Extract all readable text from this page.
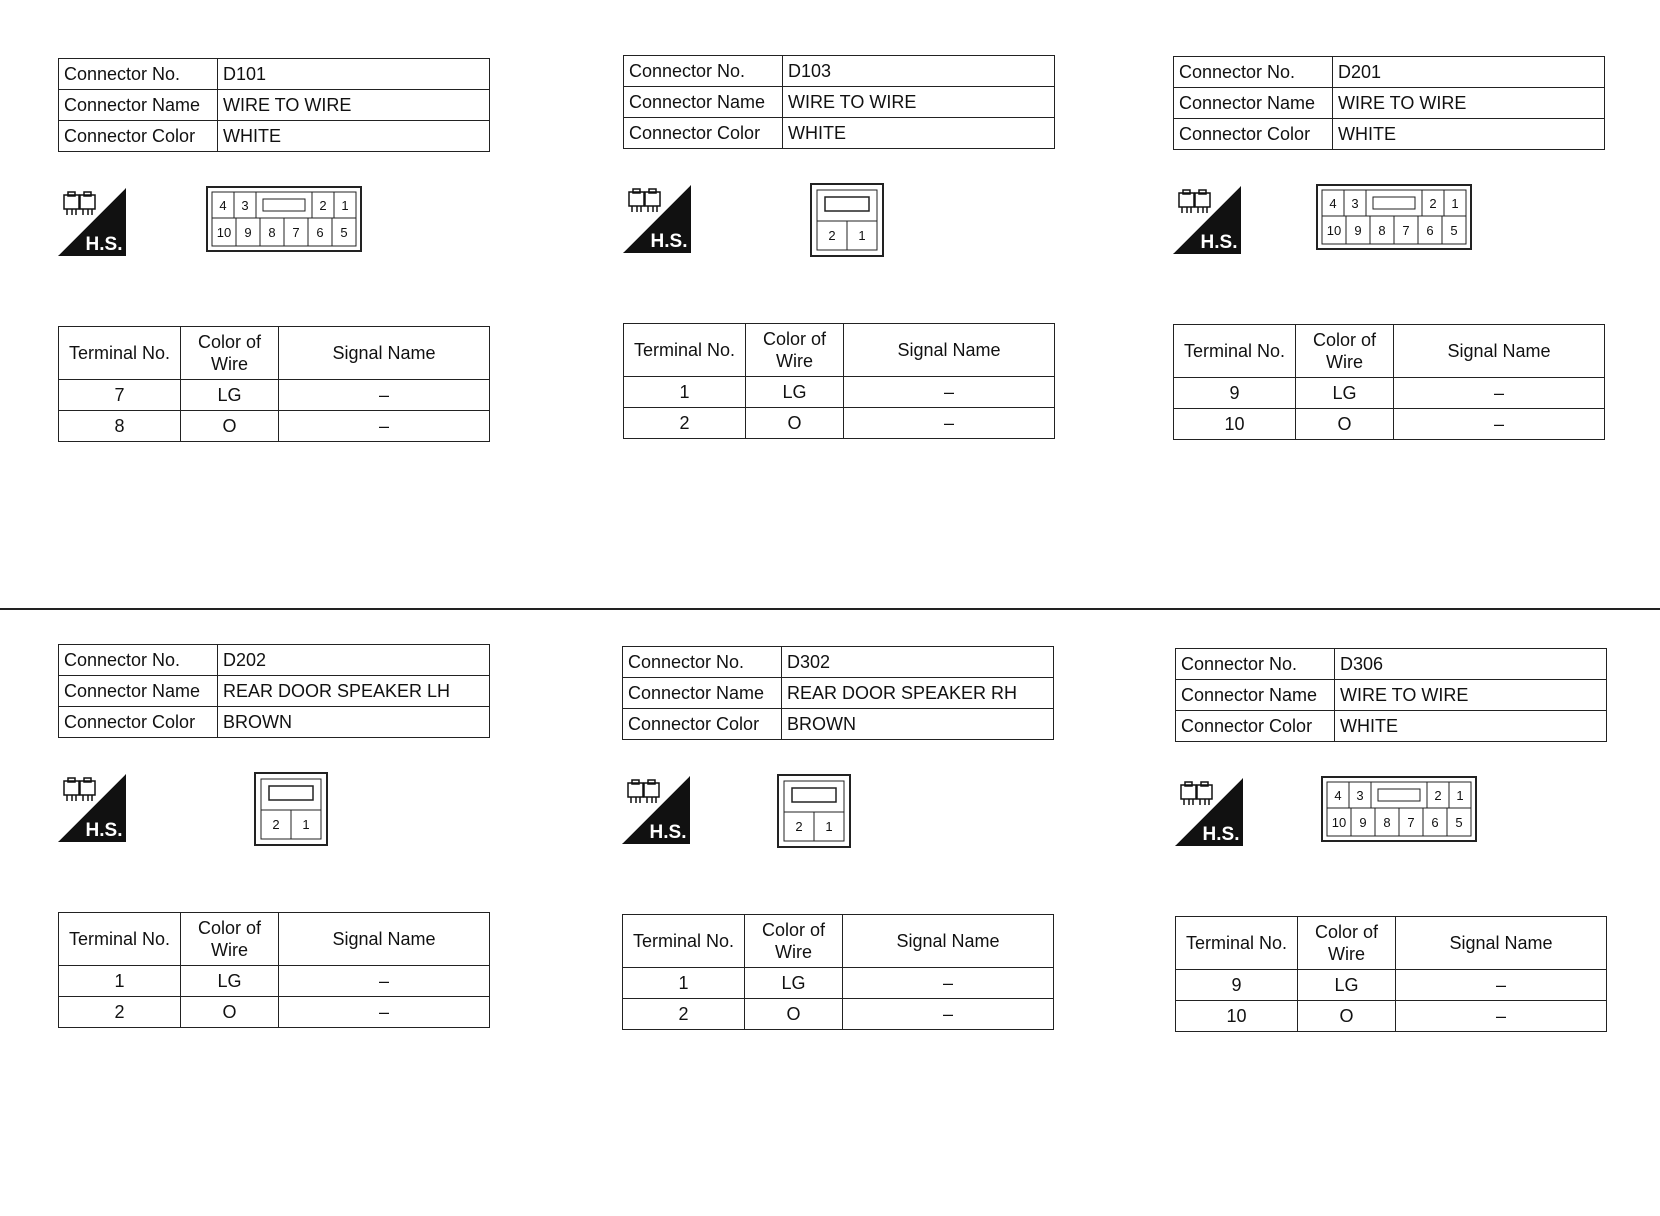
Connector No.	D101
Connector Name	WIRE TO WIRE
Connector Color	WHITE
H.S.
4 3	2 1
10 9 8 7 6 5
Terminal No.	Color of Wire	Signal Name
7	LG	–
8	O	–
Connector No.	D103
Connector Name	WIRE TO WIRE
Connector Color	WHITE
H.S.	2 1
Terminal No.	Color of Wire	Signal Name
1	LG	–
2	O	–
Connector No.	D201
Connector Name	WIRE TO WIRE
Connector Color	WHITE
H.S.
4 3	2 1
10 9 8 7 6 5
Terminal No.	Color of Wire	Signal Name
9	LG	–
10	O	–
Connector No.	D202
Connector Name	REAR DOOR SPEAKER LH
Connector Color	BROWN
H.S.	2 1
Terminal No.	Color of Wire	Signal Name
1	LG	–
2	O	–
Connector No.	D302
Connector Name	REAR DOOR SPEAKER RH
Connector Color	BROWN
H.S.	2 1
Terminal No.	Color of Wire	Signal Name
1	LG	–
2	O	–
Connector No.	D306
Connector Name	WIRE TO WIRE
Connector Color	WHITE
H.S.
4 3	2 1
10 9 8 7 6 5
Terminal No.	Color of Wire	Signal Name
9	LG	–
10	O	–
